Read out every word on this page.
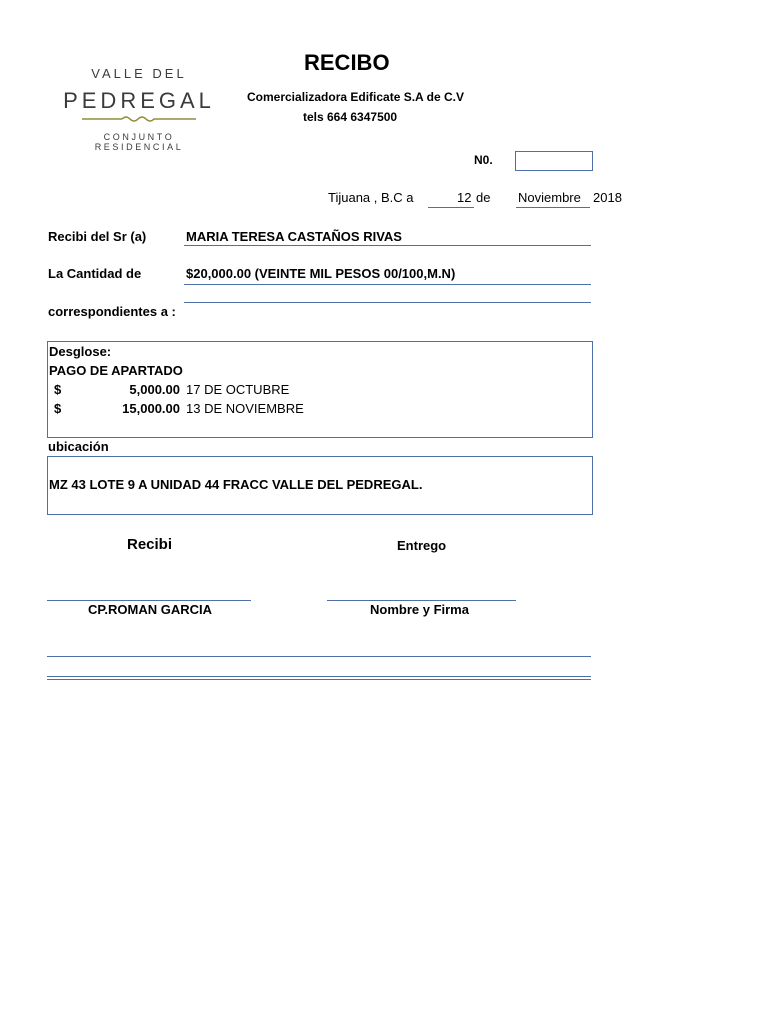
VALLE DEL
PEDREGAL
CONJUNTO RESIDENCIAL
RECIBO
Comercializadora Edificate S.A de C.V
tels 664 6347500
N0.
Tijuana , B.C a	12 de Noviembre 2018
Recibi del Sr (a)	MARIA TERESA CASTAÑOS RIVAS
La Cantidad de	$20,000.00 (VEINTE MIL PESOS 00/100,M.N)
correspondientes a :
Desglose:
PAGO DE APARTADO
$	5,000.00 17 DE OCTUBRE
$	15,000.00 13 DE NOVIEMBRE
ubicación
MZ 43 LOTE 9 A UNIDAD 44 FRACC VALLE DEL PEDREGAL.
Recibi	Entrego
CP.ROMAN GARCIA	Nombre y Firma
